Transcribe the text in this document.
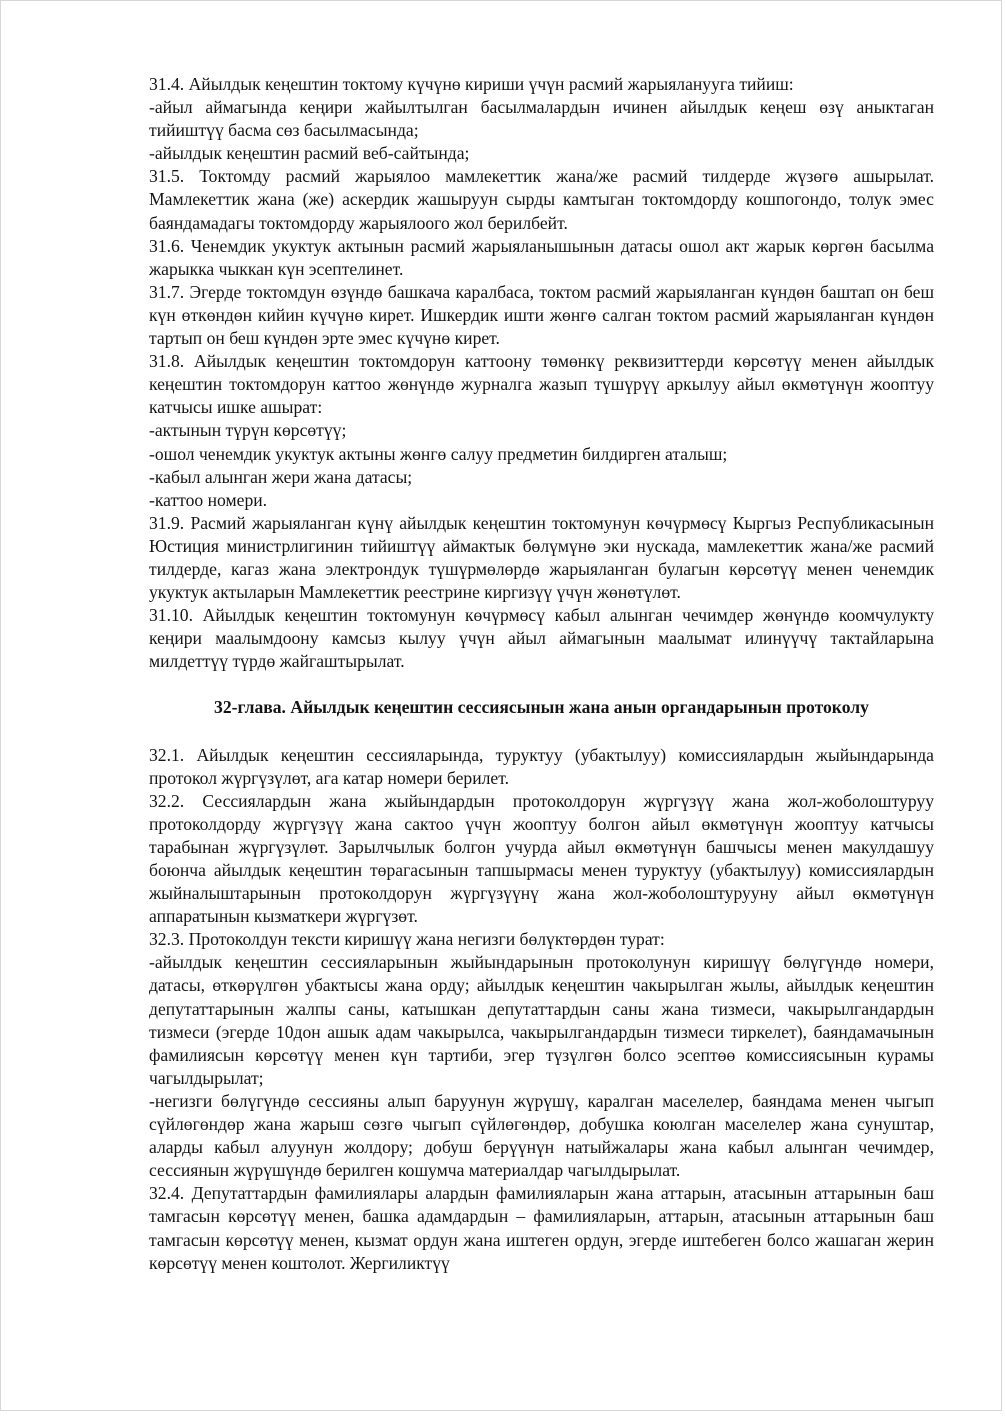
31.4. Айылдык кеңештин токтому күчүнө кириши үчүн расмий жарыяланууга тийиш:

-айыл аймагында кеңири жайылтылган басылмалардын ичинен айылдык кеңеш өзү аныктаган тийиштүү басма сөз басылмасында;

-айылдык кеңештин расмий веб-сайтында;

31.5. Токтомду расмий жарыялоо мамлекеттик жана/же расмий тилдерде жүзөгө ашырылат. Мамлекеттик жана (же) аскердик жашыруун сырды камтыган токтомдорду кошпогондо, толук эмес баяндамадагы токтомдорду жарыялоого жол берилбейт.

31.6. Ченемдик укуктук актынын расмий жарыяланышынын датасы ошол акт жарык көргөн басылма жарыкка чыккан күн эсептелинет.

31.7. Эгерде токтомдун өзүндө башкача каралбаса, токтом расмий жарыяланган күндөн баштап он беш күн өткөндөн кийин күчүнө кирет. Ишкердик ишти жөнгө салган токтом расмий жарыяланган күндөн тартып он беш күндөн эрте эмес күчүнө кирет.

31.8. Айылдык кеңештин токтомдорун каттоону төмөнкү реквизиттерди көрсөтүү менен айылдык кеңештин токтомдорун каттоо жөнүндө журналга жазып түшүрүү аркылуу айыл өкмөтүнүн жооптуу катчысы ишке ашырат:

-актынын түрүн көрсөтүү;

-ошол ченемдик укуктук актыны жөнгө салуу предметин билдирген аталыш;

-кабыл алынган жери жана датасы;

-каттоо номери.

31.9. Расмий жарыяланган күнү айылдык кеңештин токтомунун көчүрмөсү Кыргыз Республикасынын Юстиция министрлигинин тийиштүү аймактык бөлүмүнө эки нускада, мамлекеттик жана/же расмий тилдерде, кагаз жана электрондук түшүрмөлөрдө жарыяланган булагын көрсөтүү менен ченемдик укуктук актыларын Мамлекеттик реестрине киргизүү үчүн жөнөтүлөт.

31.10. Айылдык кеңештин токтомунун көчүрмөсү кабыл алынган чечимдер жөнүндө коомчулукту кеңири маалымдоону камсыз кылуу үчүн айыл аймагынын маалымат илинүүчү тактайларына милдеттүү түрдө жайгаштырылат.

32-глава. Айылдык кеңештин сессиясынын жана анын органдарынын протоколу

32.1. Айылдык кеңештин сессияларында, туруктуу (убактылуу) комиссиялардын жыйындарында протокол жүргүзүлөт, ага катар номери берилет.

32.2. Сессиялардын жана жыйындардын протоколдорун жүргүзүү жана жол-жоболоштуруу протоколдорду жүргүзүү жана сактоо үчүн жооптуу болгон айыл өкмөтүнүн жооптуу катчысы тарабынан жүргүзүлөт. Зарылчылык болгон учурда айыл өкмөтүнүн башчысы менен макулдашуу боюнча айылдык кеңештин төрагасынын тапшырмасы менен туруктуу (убактылуу) комиссиялардын жыйналыштарынын протоколдорун жүргүзүүнү жана жол-жоболоштурууну айыл өкмөтүнүн аппаратынын кызматкери жүргүзөт.

32.3. Протоколдун тексти киришүү жана негизги бөлүктөрдөн турат:

-айылдык кеңештин сессияларынын жыйындарынын протоколунун киришүү бөлүгүндө номери, датасы, өткөрүлгөн убактысы жана орду; айылдык кеңештин чакырылган жылы, айылдык кеңештин депутаттарынын жалпы саны, катышкан депутаттардын саны жана тизмеси, чакырылгандардын тизмеси (эгерде 10дон ашык адам чакырылса, чакырылгандардын тизмеси тиркелет), баяндамачынын фамилиясын көрсөтүү менен күн тартиби, эгер түзүлгөн болсо эсептөө комиссиясынын курамы чагылдырылат;

-негизги бөлүгүндө сессияны алып баруунун жүрүшү, каралган маселелер, баяндама менен чыгып сүйлөгөндөр жана жарыш сөзгө чыгып сүйлөгөндөр, добушка коюлган маселелер жана сунуштар, аларды кабыл алуунун жолдору; добуш берүүнүн натыйжалары жана кабыл алынган чечимдер, сессиянын жүрүшүндө берилген кошумча материалдар чагылдырылат.

32.4. Депутаттардын фамилиялары алардын фамилияларын жана аттарын, атасынын аттарынын баш тамгасын көрсөтүү менен, башка адамдардын – фамилияларын, аттарын, атасынын аттарынын баш тамгасын көрсөтүү менен, кызмат ордун жана иштеген ордун, эгерде иштебеген болсо жашаган жерин көрсөтүү менен коштолот. Жергиликтүү
